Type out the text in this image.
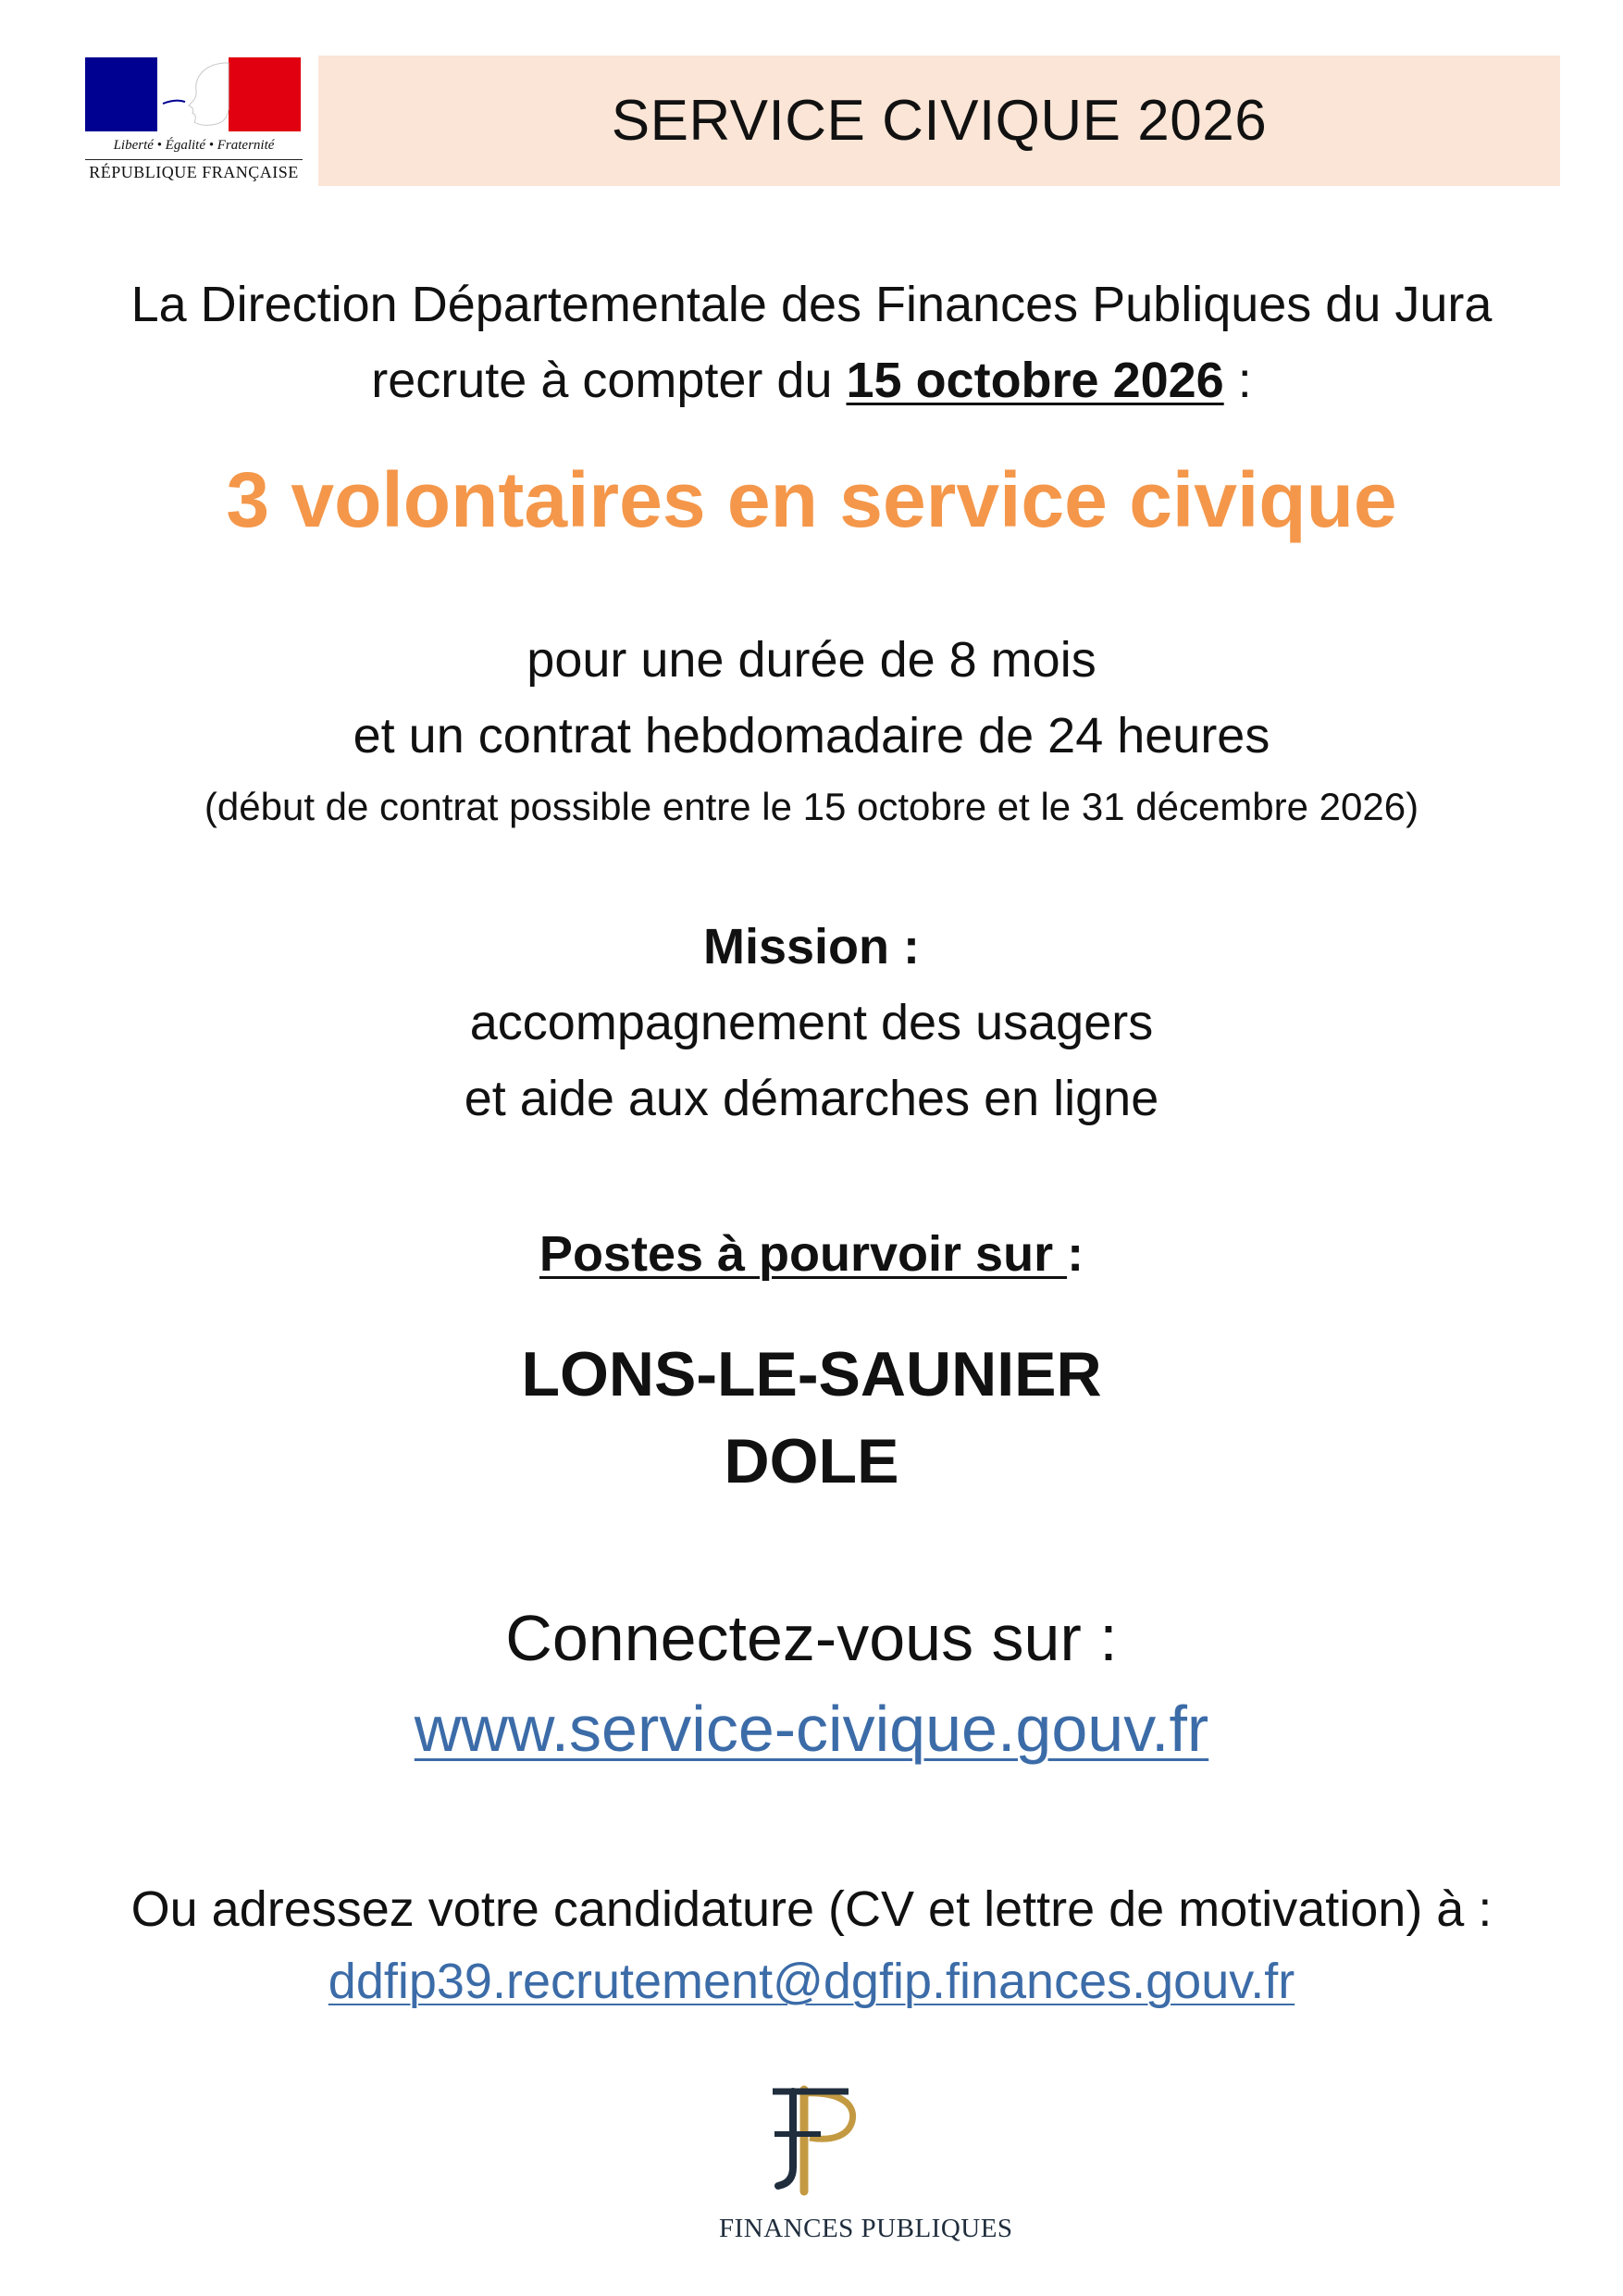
Liberté • Égalité • Fraternité
RÉPUBLIQUE FRANÇAISE
SERVICE CIVIQUE 2026
La Direction Départementale des Finances Publiques du Jura
recrute à compter du 15 octobre 2026 :
3 volontaires en service civique
pour une durée de 8 mois
et un contrat hebdomadaire de 24 heures
(début de contrat possible entre le 15 octobre et le 31 décembre 2026)
Mission :
accompagnement des usagers
et aide aux démarches en ligne
Postes à pourvoir sur :
LONS-LE-SAUNIER
DOLE
Connectez-vous sur :
www.service-civique.gouv.fr
Ou adressez votre candidature (CV et lettre de motivation) à :
ddfip39.recrutement@dgfip.finances.gouv.fr
FINANCES PUBLIQUES
